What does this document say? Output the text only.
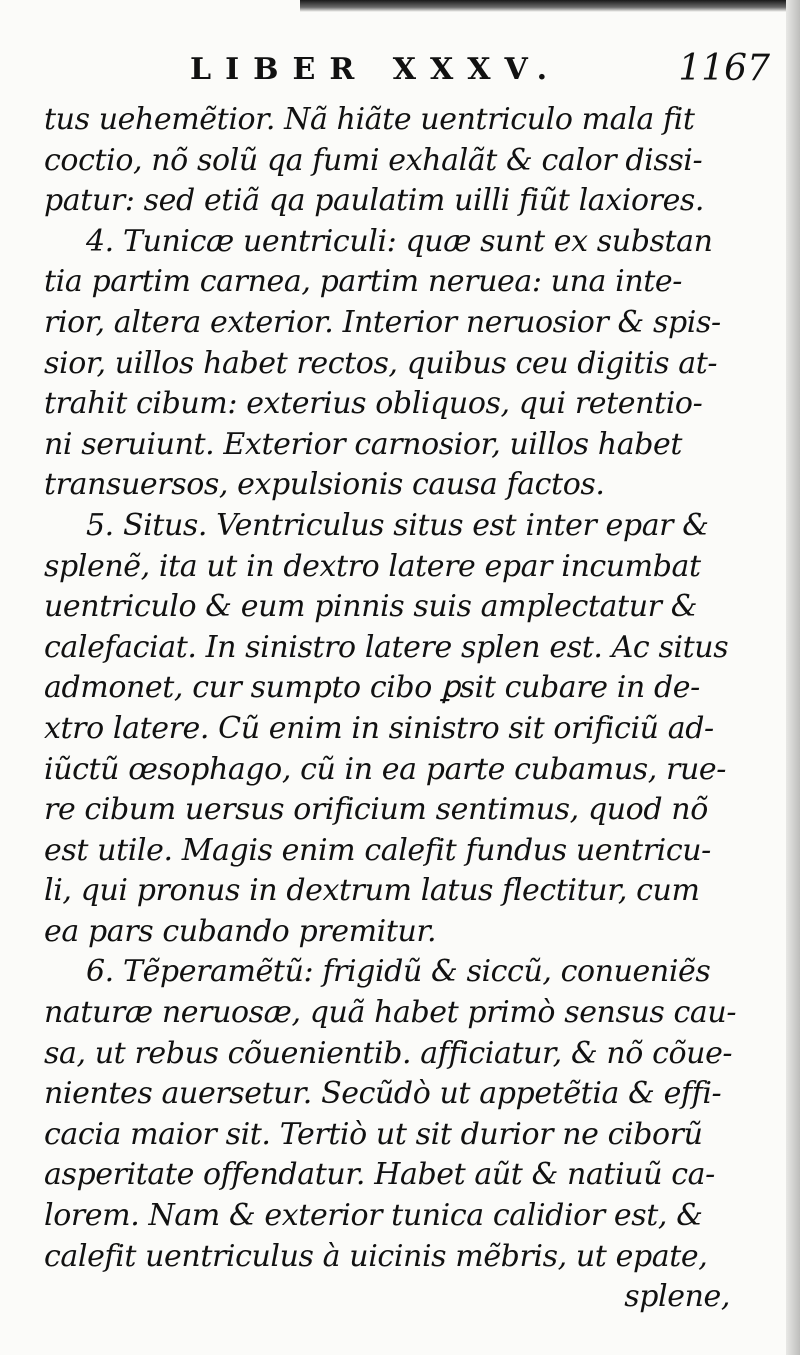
LIBER XXXV.	1167
tus uehemẽtior. Nã hiãte uentriculo mala fit
coctio, nõ solũ qa fumi exhalãt & calor dissi-
patur: sed etiã qa paulatim uilli fiũt laxiores.
4. Tunicæ uentriculi: quæ sunt ex substan
tia partim carnea, partim neruea: una inte-
rior, altera exterior. Interior neruosior & spis-
sior, uillos habet rectos, quibus ceu digitis at-
trahit cibum: exterius obliquos, qui retentio-
ni seruiunt. Exterior carnosior, uillos habet
transuersos, expulsionis causa factos.
5. Situs. Ventriculus situs est inter epar &
splenẽ, ita ut in dextro latere epar incumbat
uentriculo & eum pinnis suis amplectatur &
calefaciat. In sinistro latere splen est. Ac situs
admonet, cur sumpto cibo ꝑsit cubare in de-
xtro latere. Cũ enim in sinistro sit orificiũ ad-
iũctũ œsophago, cũ in ea parte cubamus, rue-
re cibum uersus orificium sentimus, quod nõ
est utile. Magis enim calefit fundus uentricu-
li, qui pronus in dextrum latus flectitur, cum
ea pars cubando premitur.
6. Tẽperamẽtũ: frigidũ & siccũ, conueniẽs
naturæ neruosæ, quã habet primò sensus cau-
sa, ut rebus cõuenientib. afficiatur, & nõ cõue-
nientes auersetur. Secũdò ut appetẽtia & effi-
cacia maior sit. Tertiò ut sit durior ne ciborũ
asperitate offendatur. Habet aũt & natiuũ ca-
lorem. Nam & exterior tunica calidior est, &
calefit uentriculus à uicinis mẽbris, ut epate,
splene,
